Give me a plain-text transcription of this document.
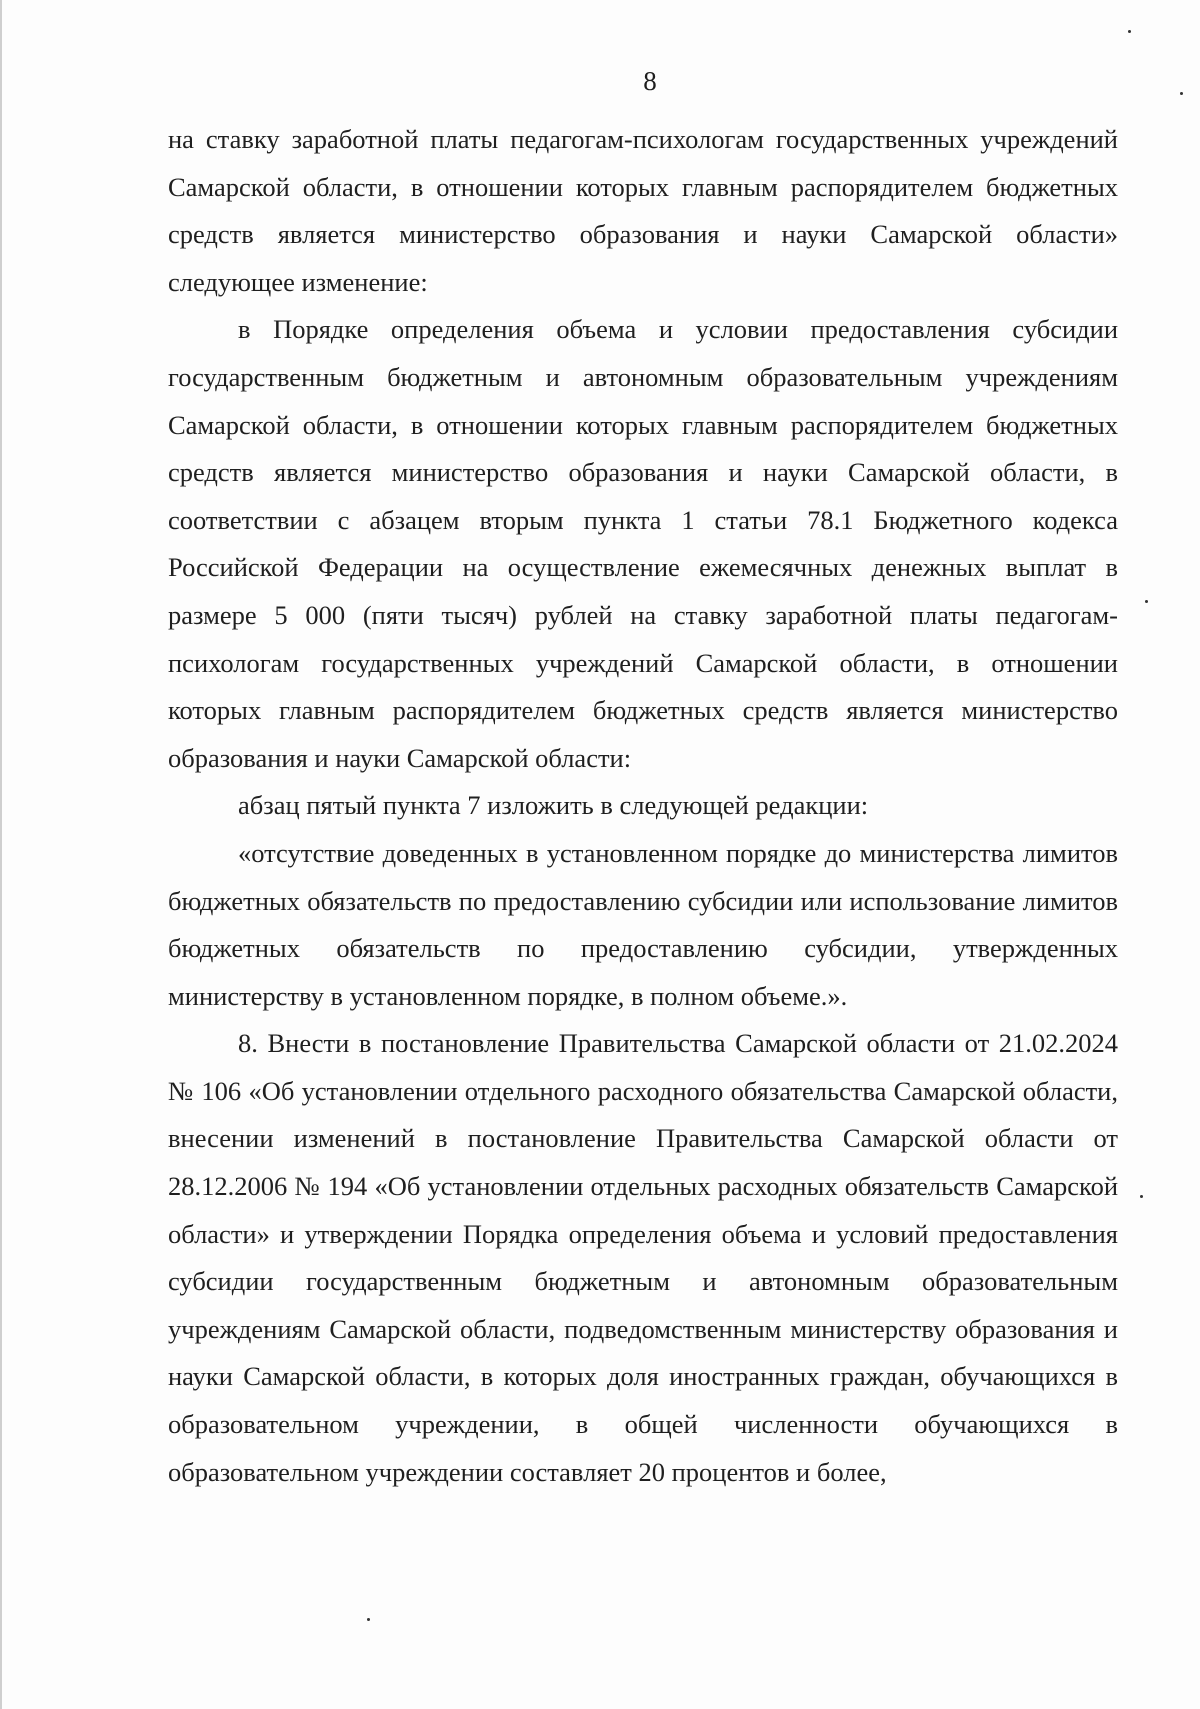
8

на ставку заработной платы педагогам-психологам государственных учреждений Самарской области, в отношении которых главным распорядителем бюджетных средств является министерство образования и науки Самарской области» следующее изменение:

в Порядке определения объема и условии предоставления субсидии государственным бюджетным и автономным образовательным учреждениям Самарской области, в отношении которых главным распорядителем бюджетных средств является министерство образования и науки Самарской области, в соответствии с абзацем вторым пункта 1 статьи 78.1 Бюджетного кодекса Российской Федерации на осуществление ежемесячных денежных выплат в размере 5 000 (пяти тысяч) рублей на ставку заработной платы педагогам-психологам государственных учреждений Самарской области, в отношении которых главным распорядителем бюджетных средств является министерство образования и науки Самарской области:

абзац пятый пункта 7 изложить в следующей редакции:

«отсутствие доведенных в установленном порядке до министерства лимитов бюджетных обязательств по предоставлению субсидии или использование лимитов бюджетных обязательств по предоставлению субсидии, утвержденных министерству в установленном порядке, в полном объеме.».

8. Внести в постановление Правительства Самарской области от 21.02.2024 № 106 «Об установлении отдельного расходного обязательства Самарской области, внесении изменений в постановление Правительства Самарской области от 28.12.2006 № 194 «Об установлении отдельных расходных обязательств Самарской области» и утверждении Порядка определения объема и условий предоставления субсидии государственным бюджетным и автономным образовательным учреждениям Самарской области, подведомственным министерству образования и науки Самарской области, в которых доля иностранных граждан, обучающихся в образовательном учреждении, в общей численности обучающихся в образовательном учреждении составляет 20 процентов и более,
